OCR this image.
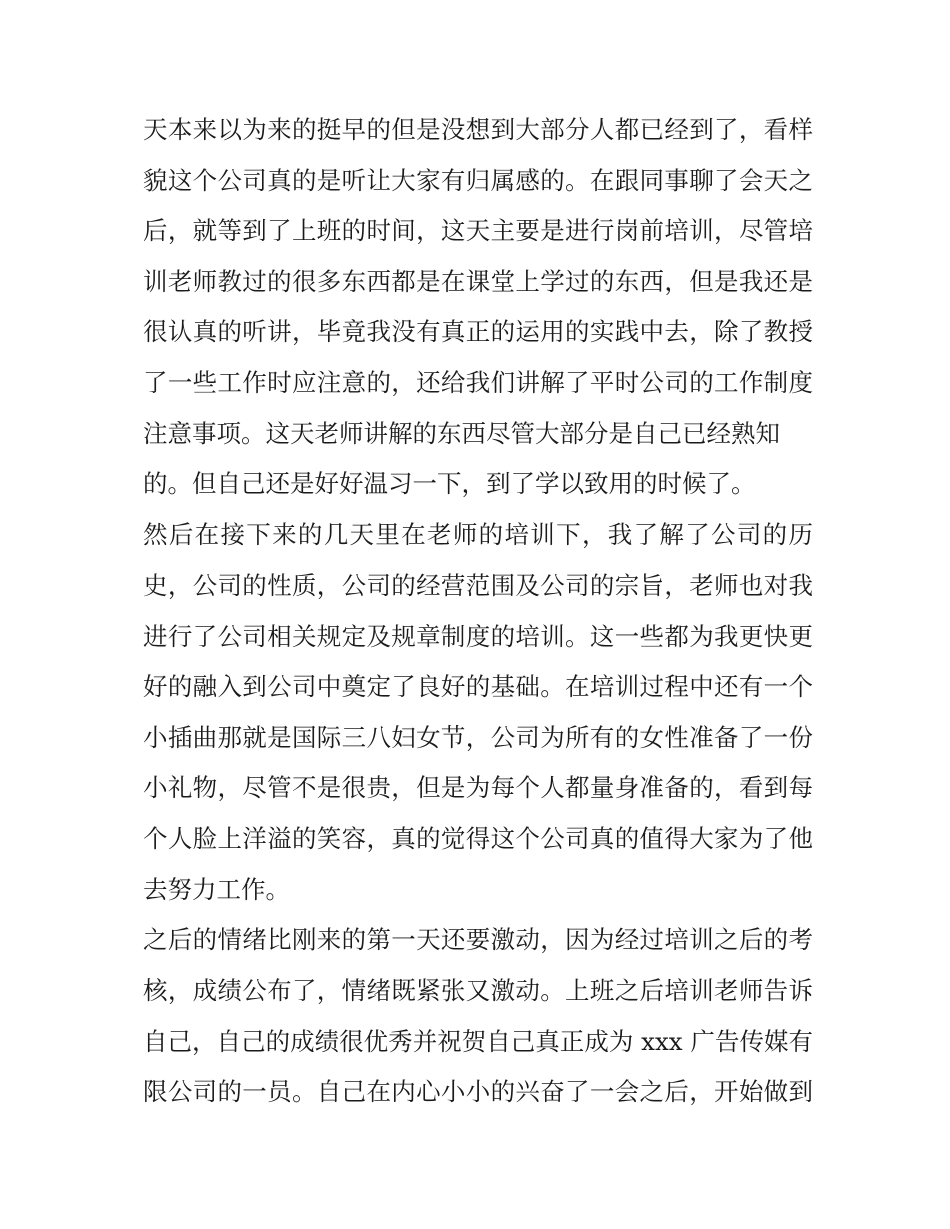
天本来以为来的挺早的但是没想到大部分人都已经到了，看样
貌这个公司真的是听让大家有归属感的。在跟同事聊了会天之
后，就等到了上班的时间，这天主要是进行岗前培训，尽管培
训老师教过的很多东西都是在课堂上学过的东西，但是我还是
很认真的听讲，毕竟我没有真正的运用的实践中去，除了教授
了一些工作时应注意的，还给我们讲解了平时公司的工作制度
注意事项。这天老师讲解的东西尽管大部分是自己已经熟知
的。但自己还是好好温习一下，到了学以致用的时候了。
然后在接下来的几天里在老师的培训下，我了解了公司的历
史，公司的性质，公司的经营范围及公司的宗旨，老师也对我
进行了公司相关规定及规章制度的培训。这一些都为我更快更
好的融入到公司中奠定了良好的基础。在培训过程中还有一个
小插曲那就是国际三八妇女节，公司为所有的女性准备了一份
小礼物，尽管不是很贵，但是为每个人都量身准备的，看到每
个人脸上洋溢的笑容，真的觉得这个公司真的值得大家为了他
去努力工作。
之后的情绪比刚来的第一天还要激动，因为经过培训之后的考
核，成绩公布了，情绪既紧张又激动。上班之后培训老师告诉
自己，自己的成绩很优秀并祝贺自己真正成为 xxx 广告传媒有
限公司的一员。自己在内心小小的兴奋了一会之后，开始做到
